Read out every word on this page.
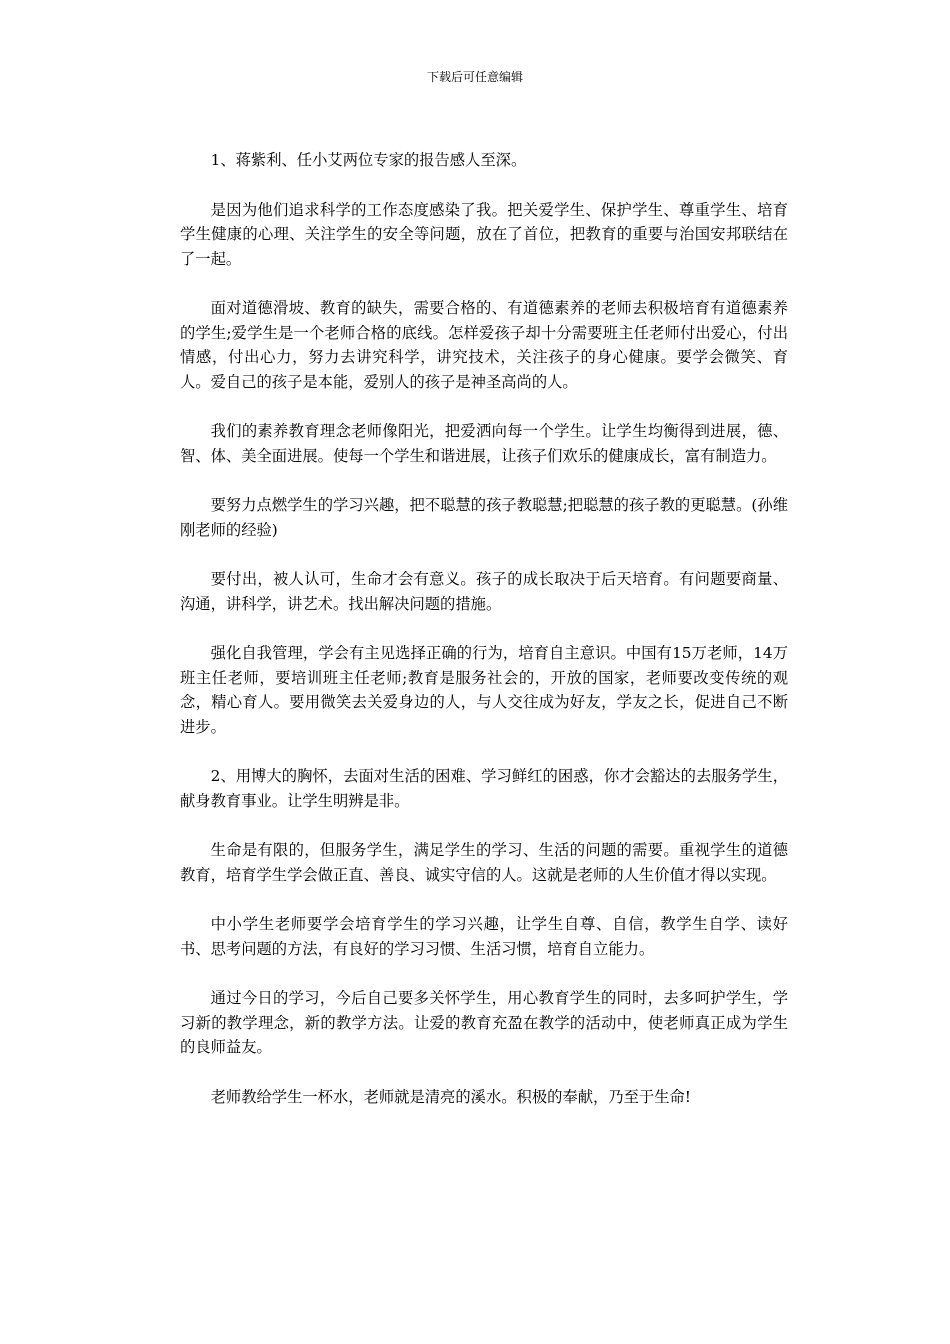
下载后可任意编辑

1、蒋紫利、任小艾两位专家的报告感人至深。

是因为他们追求科学的工作态度感染了我。把关爱学生、保护学生、尊重学生、培育学生健康的心理、关注学生的安全等问题，放在了首位，把教育的重要与治国安邦联结在了一起。

面对道德滑坡、教育的缺失，需要合格的、有道德素养的老师去积极培育有道德素养的学生;爱学生是一个老师合格的底线。怎样爱孩子却十分需要班主任老师付出爱心，付出情感，付出心力，努力去讲究科学，讲究技术，关注孩子的身心健康。要学会微笑、育人。爱自己的孩子是本能，爱别人的孩子是神圣高尚的人。

我们的素养教育理念老师像阳光，把爱洒向每一个学生。让学生均衡得到进展，德、智、体、美全面进展。使每一个学生和谐进展，让孩子们欢乐的健康成长，富有制造力。

要努力点燃学生的学习兴趣，把不聪慧的孩子教聪慧;把聪慧的孩子教的更聪慧。(孙维刚老师的经验)

要付出，被人认可，生命才会有意义。孩子的成长取决于后天培育。有问题要商量、沟通，讲科学，讲艺术。找出解决问题的措施。

强化自我管理，学会有主见选择正确的行为，培育自主意识。中国有15万老师，14万班主任老师，要培训班主任老师;教育是服务社会的，开放的国家，老师要改变传统的观念，精心育人。要用微笑去关爱身边的人，与人交往成为好友，学友之长，促进自己不断进步。

2、用博大的胸怀，去面对生活的困难、学习鲜红的困惑，你才会豁达的去服务学生，献身教育事业。让学生明辨是非。

生命是有限的，但服务学生，满足学生的学习、生活的问题的需要。重视学生的道德教育，培育学生学会做正直、善良、诚实守信的人。这就是老师的人生价值才得以实现。

中小学生老师要学会培育学生的学习兴趣，让学生自尊、自信，教学生自学、读好书、思考问题的方法，有良好的学习习惯、生活习惯，培育自立能力。

通过今日的学习，今后自己要多关怀学生，用心教育学生的同时，去多呵护学生，学习新的教学理念，新的教学方法。让爱的教育充盈在教学的活动中，使老师真正成为学生的良师益友。

老师教给学生一杯水，老师就是清亮的溪水。积极的奉献，乃至于生命!
